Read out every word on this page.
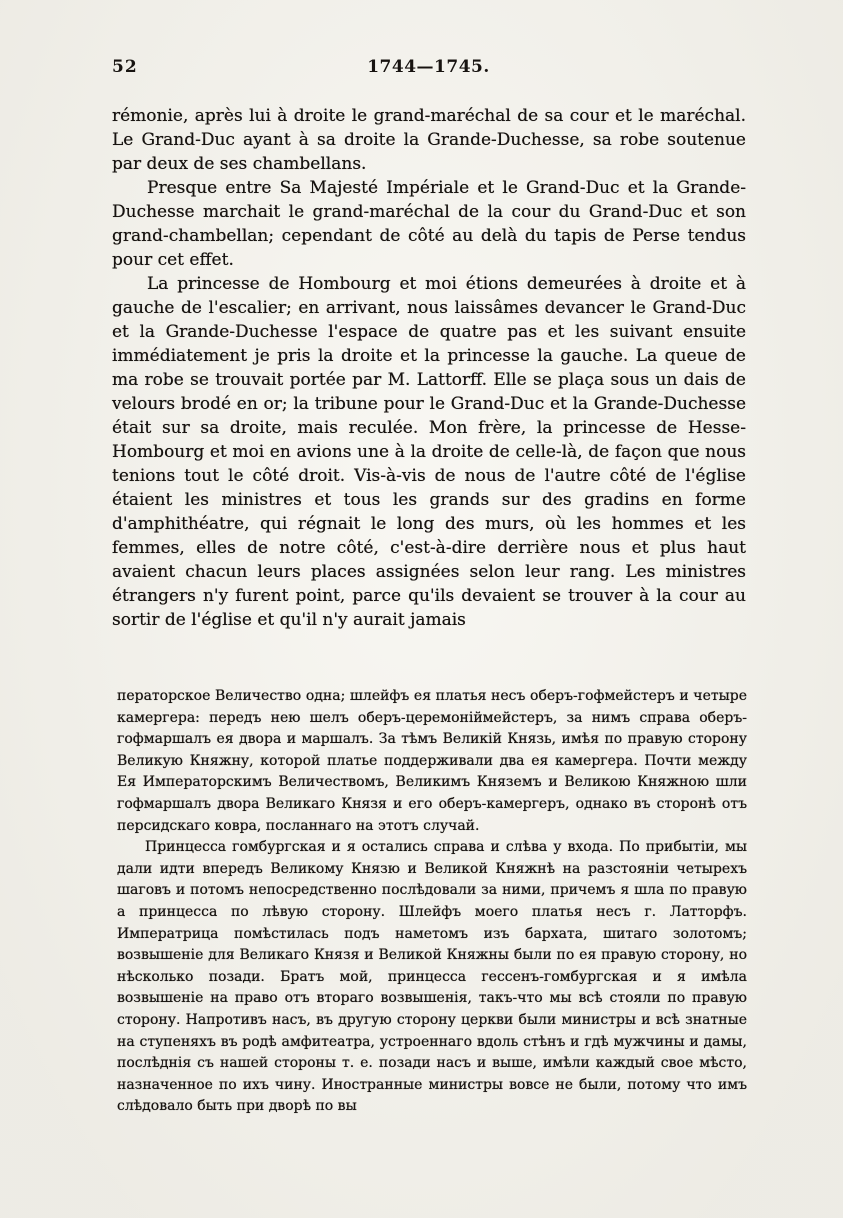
52	1744—1745.

rémonie, après lui à droite le grand-maréchal de sa cour et le maréchal. Le Grand-Duc ayant à sa droite la Grande-Duchesse, sa robe soutenue par deux de ses chambellans.

Presque entre Sa Majesté Impériale et le Grand-Duc et la Grande-Duchesse marchait le grand-maréchal de la cour du Grand-Duc et son grand-chambellan; cependant de côté au delà du tapis de Perse tendus pour cet effet.

La princesse de Hombourg et moi étions demeurées à droite et à gauche de l'escalier; en arrivant, nous laissâmes devancer le Grand-Duc et la Grande-Duchesse l'espace de quatre pas et les suivant ensuite immédiatement je pris la droite et la princesse la gauche. La queue de ma robe se trouvait portée par M. Lattorff. Elle se plaça sous un dais de velours brodé en or; la tribune pour le Grand-Duc et la Grande-Duchesse était sur sa droite, mais reculée. Mon frère, la princesse de Hesse-Hombourg et moi en avions une à la droite de celle-là, de façon que nous tenions tout le côté droit. Vis-à-vis de nous de l'autre côté de l'église étaient les ministres et tous les grands sur des gradins en forme d'amphithéatre, qui régnait le long des murs, où les hommes et les femmes, elles de notre côté, c'est-à-dire derrière nous et plus haut avaient chacun leurs places assignées selon leur rang. Les ministres étrangers n'y furent point, parce qu'ils devaient se trouver à la cour au sortir de l'église et qu'il n'y aurait jamais

ператорское Величество одна; шлейфъ ея платья несъ оберъ-гофмейстеръ и четыре камергера: передъ нею шелъ оберъ-церемоніймейстеръ, за нимъ справа оберъ-гофмаршалъ ея двора и маршалъ. За тѣмъ Великій Князь, имѣя по правую сторону Великую Княжну, которой платье поддерживали два ея камергера. Почти между Ея Императорскимъ Величествомъ, Великимъ Княземъ и Великою Княжною шли гофмаршалъ двора Великаго Князя и его оберъ-камергеръ, однако въ сторонѣ отъ персидскаго ковра, посланнаго на этотъ случай.

Принцесса гомбургская и я остались справа и слѣва у входа. По прибытіи, мы дали идти впередъ Великому Князю и Великой Княжнѣ на разстояніи четырехъ шаговъ и потомъ непосредственно послѣдовали за ними, причемъ я шла по правую а принцесса по лѣвую сторону. Шлейфъ моего платья несъ г. Латторфъ. Императрица помѣстилась подъ наметомъ изъ бархата, шитаго золотомъ; возвышеніе для Великаго Князя и Великой Княжны были по ея правую сторону, но нѣсколько позади. Братъ мой, принцесса гессенъ-гомбургская и я имѣла возвышеніе на право отъ втораго возвышенія, такъ-что мы всѣ стояли по правую сторону. Напротивъ насъ, въ другую сторону церкви были министры и всѣ знатные на ступеняхъ въ родѣ амфитеатра, устроеннаго вдоль стѣнъ и гдѣ мужчины и дамы, послѣднія съ нашей стороны т. е. позади насъ и выше, имѣли каждый свое мѣсто, назначенное по ихъ чину. Иностранные министры вовсе не были, потому что имъ слѣдовало быть при дворѣ по вы
